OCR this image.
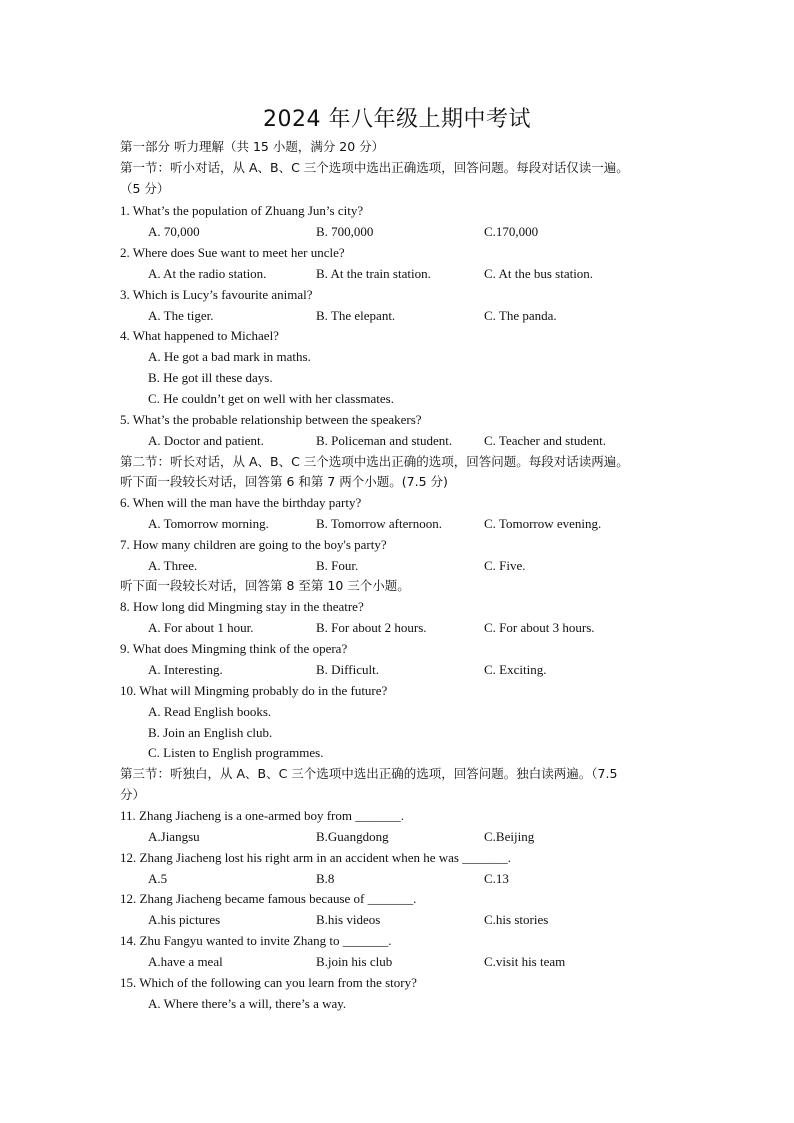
2024 年八年级上期中考试
第一部分 听力理解（共 15 小题，满分 20 分）
第一节：听小对话，从 A、B、C 三个选项中选出正确选项，回答问题。每段对话仅读一遍。
（5 分）
1. What’s the population of Zhuang Jun’s city?
A. 70,000	B. 700,000	C.170,000
2. Where does Sue want to meet her uncle?
A. At the radio station.	B. At the train station.	C. At the bus station.
3. Which is Lucy’s favourite animal?
A. The tiger.	B. The elepant.	C. The panda.
4. What happened to Michael?
A. He got a bad mark in maths.
B. He got ill these days.
C. He couldn’t get on well with her classmates.
5. What’s the probable relationship between the speakers?
A. Doctor and patient.	B. Policeman and student. C. Teacher and student.
第二节：听长对话，从 A、B、C 三个选项中选出正确的选项，回答问题。每段对话读两遍。
听下面一段较长对话，回答第 6 和第 7 两个小题。(7.5 分)
6. When will the man have the birthday party?
A. Tomorrow morning.	B. Tomorrow afternoon.	C. Tomorrow evening.
7. How many children are going to the boy's party?
A. Three.	B. Four.	C. Five.
听下面一段较长对话，回答第 8 至第 10 三个小题。
8. How long did Mingming stay in the theatre?
A. For about 1 hour.	B. For about 2 hours.	C. For about 3 hours.
9. What does Mingming think of the opera?
A. Interesting.	B. Difficult.	C. Exciting.
10. What will Mingming probably do in the future?
A. Read English books.
B. Join an English club.
C. Listen to English programmes.
第三节：听独白，从 A、B、C 三个选项中选出正确的选项，回答问题。独白读两遍。（7.5
分）
11. Zhang Jiacheng is a one-armed boy from _______.
A.Jiangsu	B.Guangdong	C.Beijing
12. Zhang Jiacheng lost his right arm in an accident when he was _______.
A.5	B.8	C.13
12. Zhang Jiacheng became famous because of _______.
A.his pictures	B.his videos	C.his stories
14. Zhu Fangyu wanted to invite Zhang to _______.
A.have a meal	B.join his club	C.visit his team
15. Which of the following can you learn from the story?
A. Where there’s a will, there’s a way.
